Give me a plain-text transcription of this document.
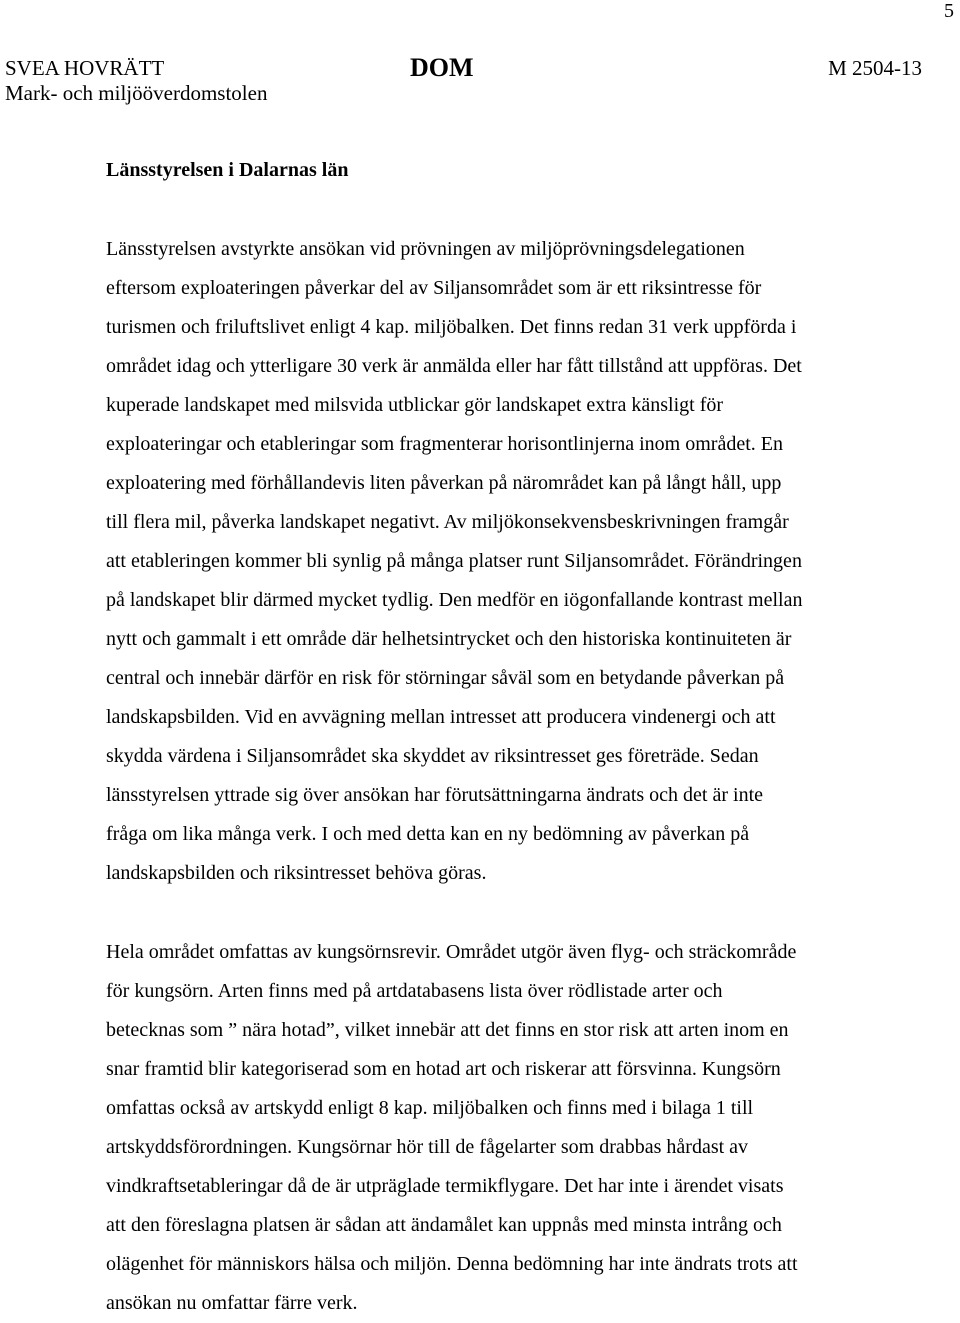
5
SVEA HOVRÄTT	DOM	M 2504-13
Mark- och miljööverdomstolen
Länsstyrelsen i Dalarnas län
Länsstyrelsen avstyrkte ansökan vid prövningen av miljöprövningsdelegationen
eftersom exploateringen påverkar del av Siljansområdet som är ett riksintresse för
turismen och friluftslivet enligt 4 kap. miljöbalken. Det finns redan 31 verk uppförda i
området idag och ytterligare 30 verk är anmälda eller har fått tillstånd att uppföras. Det
kuperade landskapet med milsvida utblickar gör landskapet extra känsligt för
exploateringar och etableringar som fragmenterar horisontlinjerna inom området. En
exploatering med förhållandevis liten påverkan på närområdet kan på långt håll, upp
till flera mil, påverka landskapet negativt. Av miljökonsekvensbeskrivningen framgår
att etableringen kommer bli synlig på många platser runt Siljansområdet. Förändringen
på landskapet blir därmed mycket tydlig. Den medför en iögonfallande kontrast mellan
nytt och gammalt i ett område där helhetsintrycket och den historiska kontinuiteten är
central och innebär därför en risk för störningar såväl som en betydande påverkan på
landskapsbilden. Vid en avvägning mellan intresset att producera vindenergi och att
skydda värdena i Siljansområdet ska skyddet av riksintresset ges företräde. Sedan
länsstyrelsen yttrade sig över ansökan har förutsättningarna ändrats och det är inte
fråga om lika många verk. I och med detta kan en ny bedömning av påverkan på
landskapsbilden och riksintresset behöva göras.
Hela området omfattas av kungsörnsrevir. Området utgör även flyg- och sträckområde
för kungsörn. Arten finns med på artdatabasens lista över rödlistade arter och
betecknas som ” nära hotad”, vilket innebär att det finns en stor risk att arten inom en
snar framtid blir kategoriserad som en hotad art och riskerar att försvinna. Kungsörn
omfattas också av artskydd enligt 8 kap. miljöbalken och finns med i bilaga 1 till
artskyddsförordningen. Kungsörnar hör till de fågelarter som drabbas hårdast av
vindkraftsetableringar då de är utpräglade termikflygare. Det har inte i ärendet visats
att den föreslagna platsen är sådan att ändamålet kan uppnås med minsta intrång och
olägenhet för människors hälsa och miljön. Denna bedömning har inte ändrats trots att
ansökan nu omfattar färre verk.
